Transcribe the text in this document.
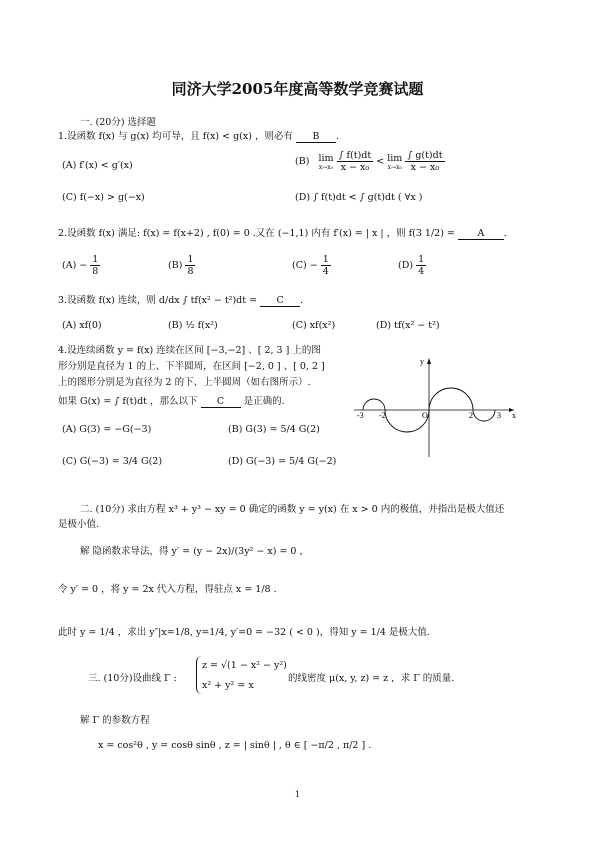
同济大学2005年度高等数学竞赛试题
一. (20分) 选择题
1.设函数 f(x) 与 g(x) 均可导，且 f(x) < g(x) ，则必有 B .
(A) f′(x) < g′(x)	(B) lim
x→x₀
$\frac{\int f(t)dt}{\text{x − x₀}} < \lim$
x→x₀
$\frac{\int g(t)dt}{\text{x − x₀}}$
(C) f(−x) > g(−x)	(D) ∫ f(t)dt < ∫ g(t)dt ( ∀x )
2.设函数 f(x) 满足: f(x) = f(x+2) , f(0) = 0 .又在 (−1,1) 内有 f′(x) = | x | ，则 f(3 1/2) = A .
$(A) - \frac{1}{8}$	$(B) \frac{1}{8}$	$(C) - \frac{1}{4}$	$(D) \frac{1}{4}$
3.设函数 f(x) 连续，则 d/dx ∫ tf(x² − t²)dt = C .
(A) xf(0)	(B) ½ f(x²)	(C) xf(x²)	(D) tf(x² − t²)
4.设连续函数 y = f(x) 连续在区间 [−3,−2] 、[ 2, 3 ] 上的图
形分别是直径为 1 的上、下半圆周，在区间 [−2, 0 ] 、[ 0, 2 ]
上的图形分别是为直径为 2 的下、上半圆周（如右图所示）.
如果 G(x) = ∫ f(t)dt ，那么以下 C 是正确的.
(A) G(3) = −G(−3)	(B) G(3) = 5/4 G(2)
(C) G(−3) = 3/4 G(2)	(D) G(−3) = 5/4 G(−2)
-3 -2	2	3
O
y
x
二. (10分) 求由方程 x³ + y³ − xy = 0 确定的函数 y = y(x) 在 x > 0 内的极值，并指出是极大值还
是极小值.
解 隐函数求导法，得 y′ = (y − 2x)/(3y² − x) = 0 ，
令 y′ = 0 ，将 y = 2x 代入方程，得驻点 x = 1/8 .
此时 y = 1/4 ，求出 y″|x=1/8, y=1/4, y′=0 = −32 ( < 0 )，得知 y = 1/4 是极大值.
三. (10分)设曲线 Γ :
z = √(1 − x² − y²)
x² + y² = x
的线密度 μ(x, y, z) = z ，求 Γ 的质量.
解 Γ 的参数方程
x = cos²θ , y = cosθ sinθ , z = | sinθ | , θ ∈ [ −π/2 , π/2 ] .
1
